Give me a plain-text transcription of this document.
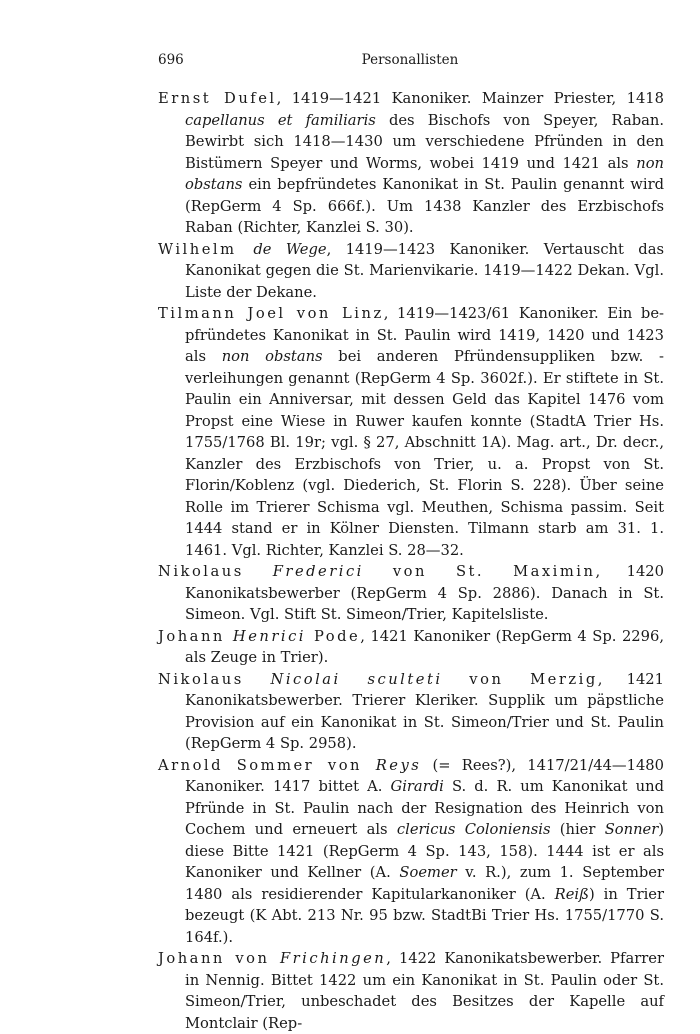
696	Personallisten

Ernst Dufel, 1419—1421 Kanoniker. Mainzer Priester, 1418 capellanus et familiaris des Bischofs von Speyer, Raban. Bewirbt sich 1418—1430 um verschiedene Pfründen in den Bistümern Speyer und Worms, wobei 1419 und 1421 als non obstans ein bepfründetes Kanonikat in St. Paulin genannt wird (RepGerm 4 Sp. 666f.). Um 1438 Kanzler des Erzbischofs Raban (Richter, Kanzlei S. 30).

Wilhelm de Wege, 1419—1423 Kanoniker. Vertauscht das Kanonikat gegen die St. Marienvikarie. 1419—1422 Dekan. Vgl. Liste der Dekane.

Tilmann Joel von Linz, 1419—1423/61 Kanoniker. Ein bepfründetes Kanonikat in St. Paulin wird 1419, 1420 und 1423 als non obstans bei anderen Pfründensuppliken bzw. -verleihungen genannt (RepGerm 4 Sp. 3602f.). Er stiftete in St. Paulin ein Anniversar, mit dessen Geld das Kapitel 1476 vom Propst eine Wiese in Ruwer kaufen konnte (StadtA Trier Hs. 1755/1768 Bl. 19r; vgl. § 27, Abschnitt 1A). Mag. art., Dr. decr., Kanzler des Erzbischofs von Trier, u. a. Propst von St. Florin/Koblenz (vgl. Diederich, St. Florin S. 228). Über seine Rolle im Trierer Schisma vgl. Meuthen, Schisma passim. Seit 1444 stand er in Kölner Diensten. Tilmann starb am 31. 1. 1461. Vgl. Richter, Kanzlei S. 28—32.

Nikolaus Frederici von St. Maximin, 1420 Kanonikatsbewerber (RepGerm 4 Sp. 2886). Danach in St. Simeon. Vgl. Stift St. Simeon/Trier, Kapitelsliste.

Johann Henrici Pode, 1421 Kanoniker (RepGerm 4 Sp. 2296, als Zeuge in Trier).

Nikolaus Nicolai sculteti von Merzig, 1421 Kanonikatsbewerber. Trierer Kleriker. Supplik um päpstliche Provision auf ein Kanonikat in St. Simeon/Trier und St. Paulin (RepGerm 4 Sp. 2958).

Arnold Sommer von Reys (= Rees?), 1417/21/44—1480 Kanoniker. 1417 bittet A. Girardi S. d. R. um Kanonikat und Pfründe in St. Paulin nach der Resignation des Heinrich von Cochem und erneuert als clericus Coloniensis (hier Sonner) diese Bitte 1421 (RepGerm 4 Sp. 143, 158). 1444 ist er als Kanoniker und Kellner (A. Soemer v. R.), zum 1. September 1480 als residierender Kapitularkanoniker (A. Reiß) in Trier bezeugt (K Abt. 213 Nr. 95 bzw. StadtBi Trier Hs. 1755/1770 S. 164f.).

Johann von Frichingen, 1422 Kanonikatsbewerber. Pfarrer in Nennig. Bittet 1422 um ein Kanonikat in St. Paulin oder St. Simeon/Trier, unbeschadet des Besitzes der Kapelle auf Montclair (Rep-
